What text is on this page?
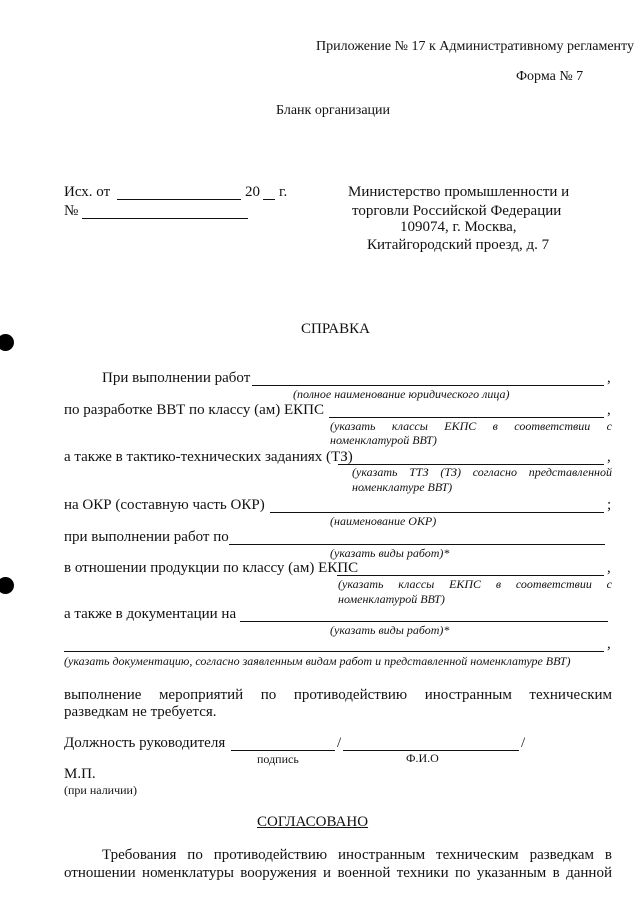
Приложение № 17 к Административному регламенту
Форма № 7
Бланк организации
Исх. от	20 г.
№
Министерство промышленности и
торговли Российской Федерации
109074, г. Москва,
Китайгородский проезд, д. 7
СПРАВКА
При выполнении работ	,
(полное наименование юридического лица)
по разработке ВВТ по классу (ам) ЕКПС	,
(указать классы ЕКПС в соответствии с
номенклатурой ВВТ)
а также в тактико-технических заданиях (ТЗ)	,
(указать ТТЗ (ТЗ) согласно представленной
номенклатуре ВВТ)
на ОКР (составную часть ОКР)	;
(наименование ОКР)
при выполнении работ по
(указать виды работ)*
в отношении продукции по классу (ам) ЕКПС	,
(указать классы ЕКПС в соответствии с
номенклатурой ВВТ)
а также в документации на
(указать виды работ)*
,
(указать документацию, согласно заявленным видам работ и представленной номенклатуре ВВТ)
выполнение мероприятий по противодействию иностранным техническим
разведкам не требуется.
Должность руководителя	/	/
подпись	Ф.И.О
М.П.
(при наличии)
СОГЛАСОВАНО
Требования по противодействию иностранным техническим разведкам в
отношении номенклатуры вооружения и военной техники по указанным в данной
